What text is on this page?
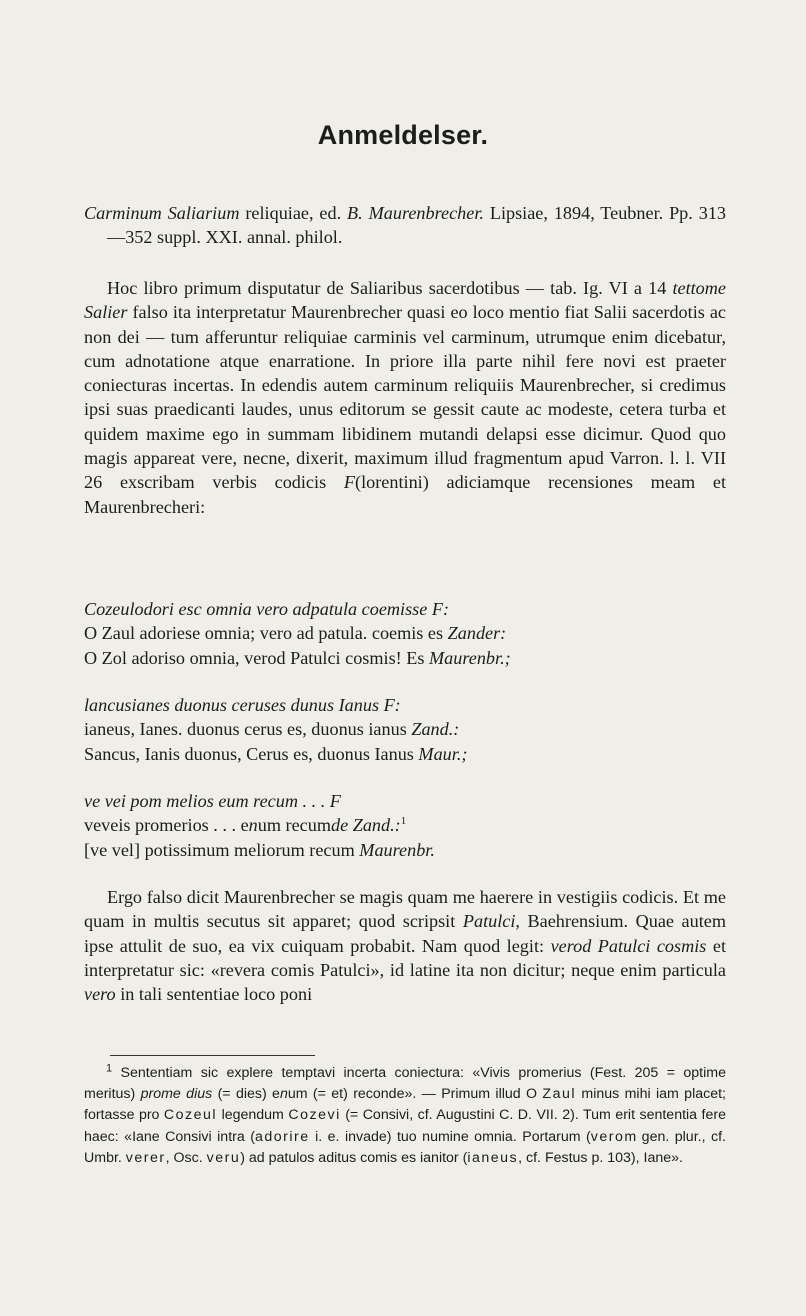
Anmeldelser.

Carminum Saliarium reliquiae, ed. B. Maurenbrecher. Lipsiae, 1894, Teubner. Pp. 313—352 suppl. XXI. annal. philol.

Hoc libro primum disputatur de Saliaribus sacerdotibus — tab. Ig. VI a 14 tettome Salier falso ita interpretatur Maurenbrecher quasi eo loco mentio fiat Salii sacerdotis ac non dei — tum afferuntur reliquiae carminis vel carminum, utrumque enim dicebatur, cum adnotatione atque enarratione. In priore illa parte nihil fere novi est praeter coniecturas incertas. In edendis autem carminum reliquiis Maurenbrecher, si credimus ipsi suas praedicanti laudes, unus editorum se gessit caute ac modeste, cetera turba et quidem maxime ego in summam libidinem mutandi delapsi esse dicimur. Quod quo magis appareat vere, necne, dixerit, maximum illud fragmentum apud Varron. l. l. VII 26 exscribam verbis codicis F(lorentini) adiciamque recensiones meam et Maurenbrecheri:

Cozeulodori esc omnia vero adpatula coemisse F:
O Zaul adoriese omnia; vero ad patula. coemis es Zander:
O Zol adoriso omnia, verod Patulci cosmis! Es Maurenbr.;
lancusianes duonus ceruses dunus Ianus F:
ianeus, Ianes. duonus cerus es, duonus ianus Zand.:
Sancus, Ianis duonus, Cerus es, duonus Ianus Maur.;
ve vei pom melios eum recum . . . F
veveis promerios . . . enum recumde Zand.:$^1$
[ve vel] potissimum meliorum recum Maurenbr.

Ergo falso dicit Maurenbrecher se magis quam me haerere in vestigiis codicis. Et me quam in multis secutus sit apparet; quod scripsit Patulci, Baehrensium. Quae autem ipse attulit de suo, ea vix cuiquam probabit. Nam quod legit: verod Patulci cosmis et interpretatur sic: «revera comis Patulci», id latine ita non dicitur; neque enim particula vero in tali sententiae loco poni

$^1$ Sententiam sic explere temptavi incerta coniectura: «Vivis promerius (Fest. 205 = optime meritus) prome dius (= dies) enum (= et) reconde». — Primum illud O Zaul minus mihi iam placet; fortasse pro Cozeul legendum Cozevi (= Consivi, cf. Augustini C. D. VII. 2). Tum erit sententia fere haec: «Iane Consivi intra (adorire i. e. invade) tuo numine omnia. Portarum (verom gen. plur., cf. Umbr. verer, Osc. veru) ad patulos aditus comis es ianitor (ianeus, cf. Festus p. 103), Iane».
